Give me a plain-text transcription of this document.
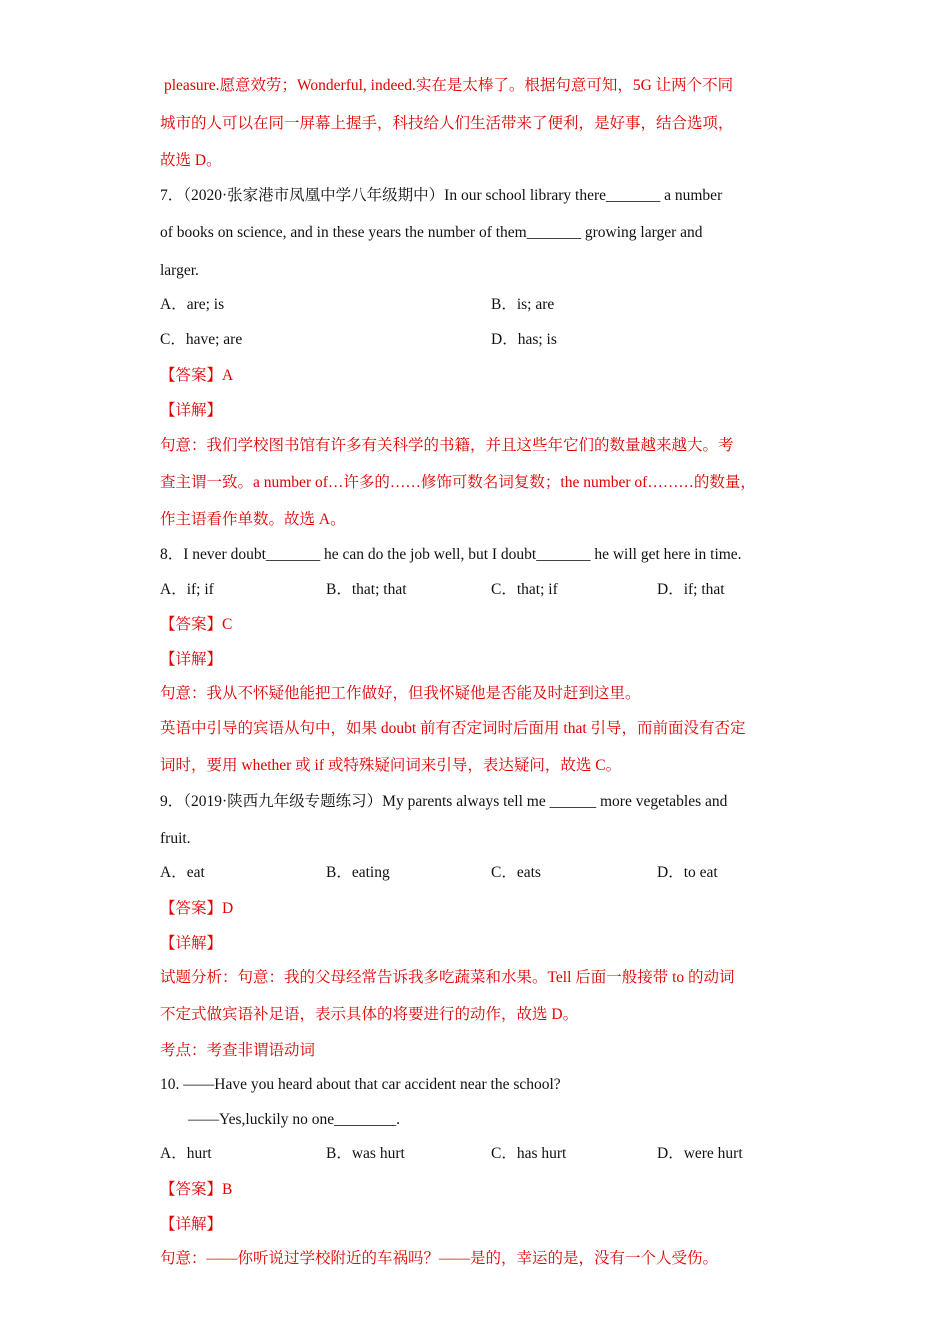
pleasure.愿意效劳；Wonderful, indeed.实在是太棒了。根据句意可知，5G 让两个不同
城市的人可以在同一屏幕上握手，科技给人们生活带来了便利，是好事，结合选项，
故选 D。
7．（2020·张家港市凤凰中学八年级期中）In our school library there_______ a number
of books on science, and in these years the number of them_______ growing larger and
larger.
A．are; is	B．is; are
C．have; are	D．has; is
【答案】A
【详解】
句意：我们学校图书馆有许多有关科学的书籍，并且这些年它们的数量越来越大。考
查主谓一致。a number of…许多的……修饰可数名词复数；the number of………的数量，
作主语看作单数。故选 A。
8．I never doubt_______ he can do the job well, but I doubt_______ he will get here in time.
A．if; if	B．that; that	C．that; if	D．if; that
【答案】C
【详解】
句意：我从不怀疑他能把工作做好，但我怀疑他是否能及时赶到这里。
英语中引导的宾语从句中，如果 doubt 前有否定词时后面用 that 引导，而前面没有否定
词时，要用 whether 或 if 或特殊疑问词来引导，表达疑问，故选 C。
9．（2019·陕西九年级专题练习）My parents always tell me ______ more vegetables and
fruit.
A．eat	B．eating	C．eats	D．to eat
【答案】D
【详解】
试题分析：句意：我的父母经常告诉我多吃蔬菜和水果。Tell 后面一般接带 to 的动词
不定式做宾语补足语，表示具体的将要进行的动作，故选 D。
考点：考查非谓语动词
10. ——Have you heard about that car accident near the school?
——Yes,luckily no one________.
A．hurt	B．was hurt	C．has hurt	D．were hurt
【答案】B
【详解】
句意：——你听说过学校附近的车祸吗？——是的，幸运的是，没有一个人受伤。
